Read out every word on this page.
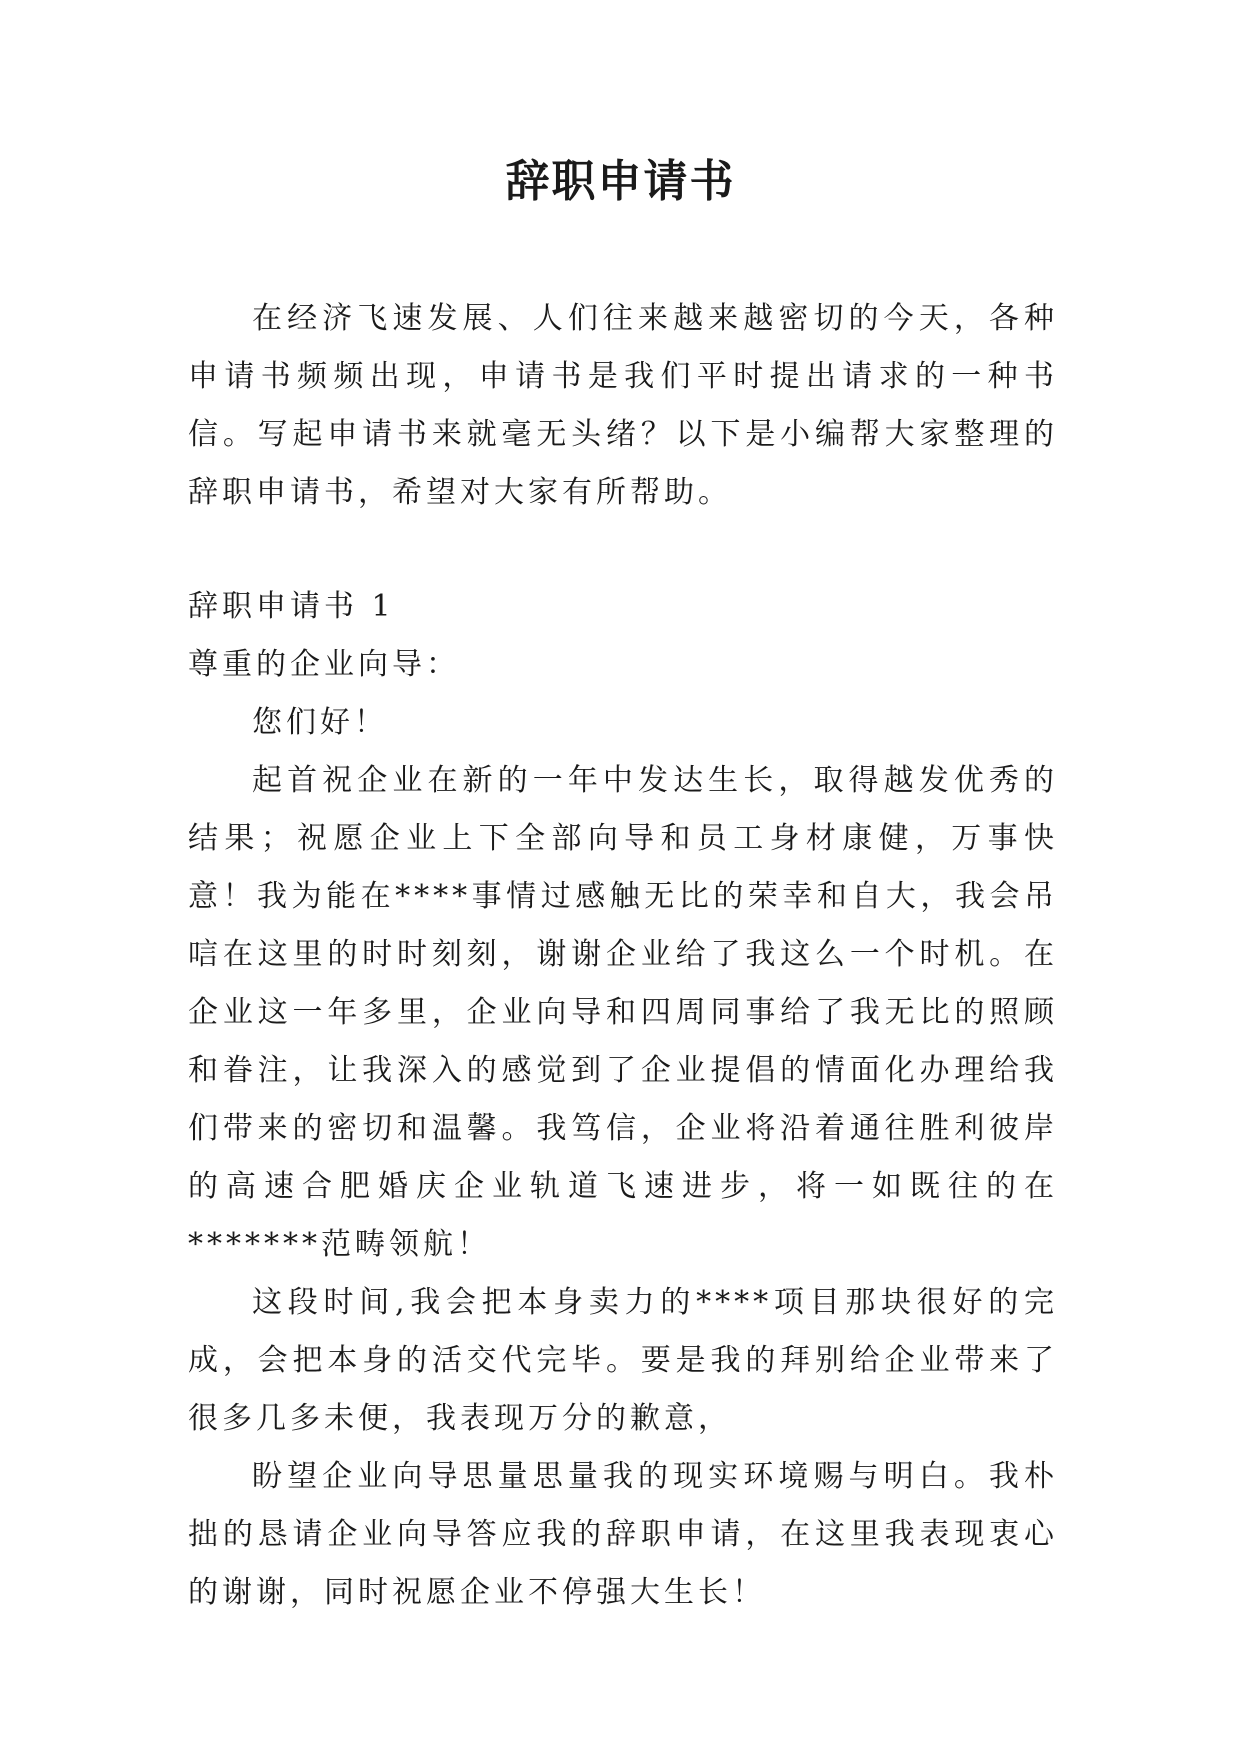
辞职申请书

在经济飞速发展、人们往来越来越密切的今天，各种申请书频频出现，申请书是我们平时提出请求的一种书信。写起申请书来就毫无头绪？以下是小编帮大家整理的辞职申请书，希望对大家有所帮助。

辞职申请书 1

尊重的企业向导：

您们好！

起首祝企业在新的一年中发达生长，取得越发优秀的结果；祝愿企业上下全部向导和员工身材康健，万事快意！我为能在****事情过感触无比的荣幸和自大，我会吊唁在这里的时时刻刻，谢谢企业给了我这么一个时机。在企业这一年多里，企业向导和四周同事给了我无比的照顾和眷注，让我深入的感觉到了企业提倡的情面化办理给我们带来的密切和温馨。我笃信，企业将沿着通往胜利彼岸的高速合肥婚庆企业轨道飞速进步，将一如既往的在*******范畴领航！

这段时间,我会把本身卖力的****项目那块很好的完成，会把本身的活交代完毕。要是我的拜别给企业带来了很多几多未便，我表现万分的歉意，

盼望企业向导思量思量我的现实环境赐与明白。我朴拙的恳请企业向导答应我的辞职申请，在这里我表现衷心的谢谢，同时祝愿企业不停强大生长！
